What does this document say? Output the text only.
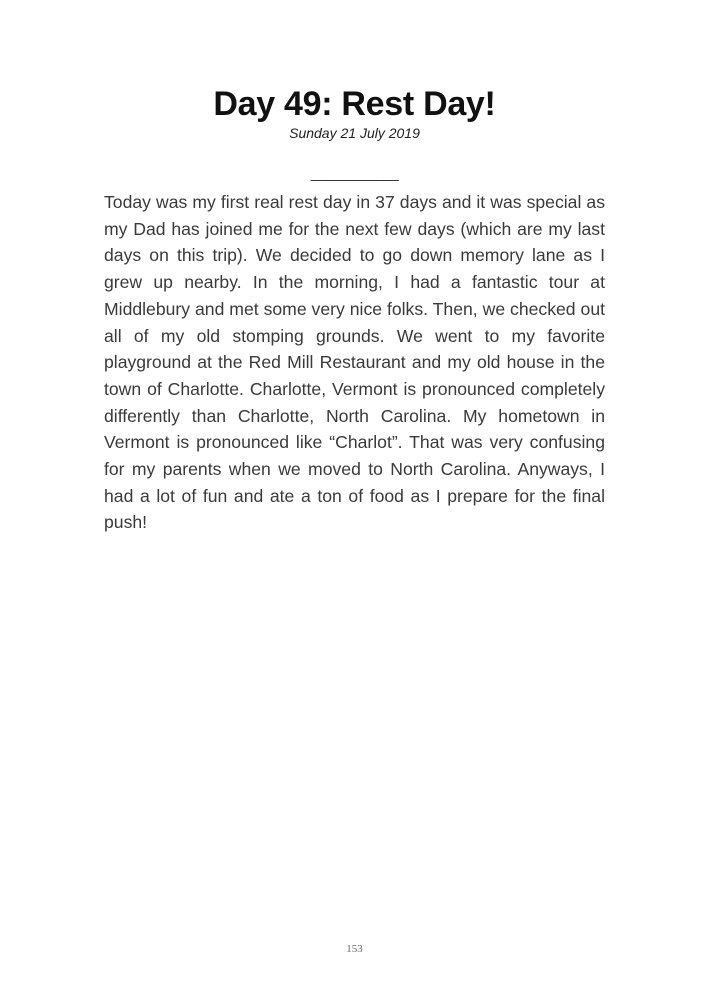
Day 49: Rest Day!
Sunday 21 July 2019
____________

Today was my first real rest day in 37 days and it was special as my Dad has joined me for the next few days (which are my last days on this trip). We decided to go down memory lane as I grew up nearby. In the morning, I had a fantastic tour at Middlebury and met some very nice folks. Then, we checked out all of my old stomping grounds. We went to my favorite playground at the Red Mill Restaurant and my old house in the town of Charlotte. Charlotte, Vermont is pronounced completely differently than Charlotte, North Carolina. My hometown in Vermont is pronounced like “Charlot”. That was very confusing for my parents when we moved to North Carolina. Anyways, I had a lot of fun and ate a ton of food as I prepare for the final push!

153
